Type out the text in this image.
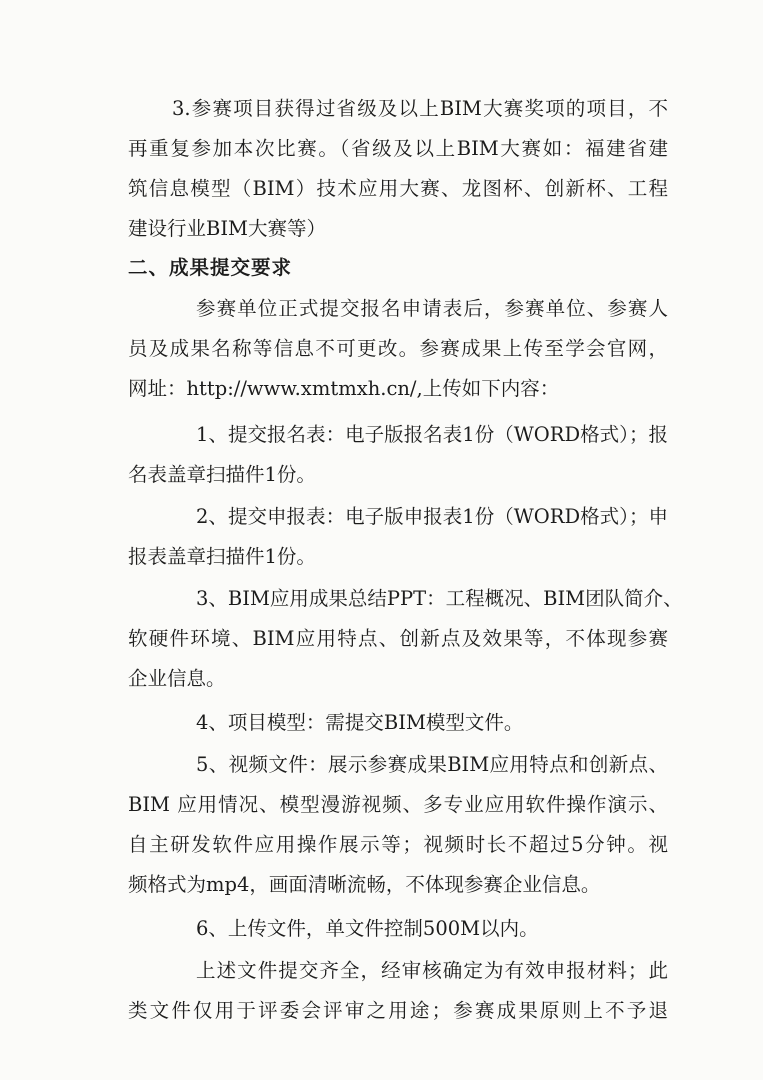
3.参赛项目获得过省级及以上BIM大赛奖项的项目，不
再重复参加本次比赛。（省级及以上BIM大赛如：福建省建
筑信息模型（BIM）技术应用大赛、龙图杯、创新杯、工程
建设行业BIM大赛等）
二、成果提交要求
参赛单位正式提交报名申请表后，参赛单位、参赛人
员及成果名称等信息不可更改。参赛成果上传至学会官网，
网址：http://www.xmtmxh.cn/,上传如下内容：
1、提交报名表：电子版报名表1份（WORD格式）；报
名表盖章扫描件1份。
2、提交申报表：电子版申报表1份（WORD格式）；申
报表盖章扫描件1份。
3、BIM应用成果总结PPT：工程概况、BIM团队简介、
软硬件环境、BIM应用特点、创新点及效果等，不体现参赛
企业信息。
4、项目模型：需提交BIM模型文件。
5、视频文件：展示参赛成果BIM应用特点和创新点、
BIM 应用情况、模型漫游视频、多专业应用软件操作演示、
自主研发软件应用操作展示等；视频时长不超过5分钟。视
频格式为mp4，画面清晰流畅，不体现参赛企业信息。
6、上传文件，单文件控制500M以内。
上述文件提交齐全，经审核确定为有效申报材料；此
类文件仅用于评委会评审之用途；参赛成果原则上不予退
